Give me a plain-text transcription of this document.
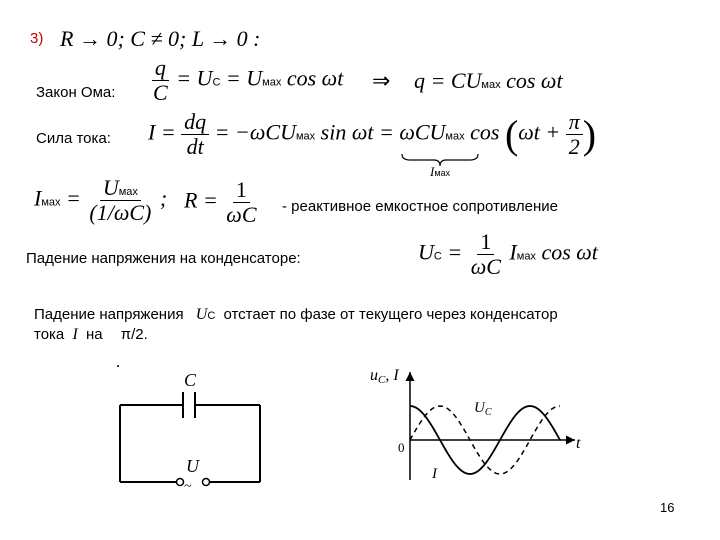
3) R → 0; C ≠ 0; L → 0 :
Закон Ома: $\frac{q}{C}$ = UC = Uмах cos ωt ⇒ q = CUмах cos ωt
Сила тока: $I = \frac{dq}{dt}$ = −ωCUмах sin ωt = ωCUмах $\cos (\omega t + \frac{\pi}{2}$ )
Iмах
Iмах = $\frac{\text{Uмах}}{(1/\omega C)}$ ; $R = \frac{1}{\omega C}$ - реактивное емкостное сопротивление
Падение напряжения на конденсаторе:	UC = $\frac{1}{\omega C}$ Iмах cos ωt
Падение напряжения UC отстает по фазе от текущего через конденсатор
тока I на π/2.
C
U
~
uC, I
t
0
$U_C$
I
16
